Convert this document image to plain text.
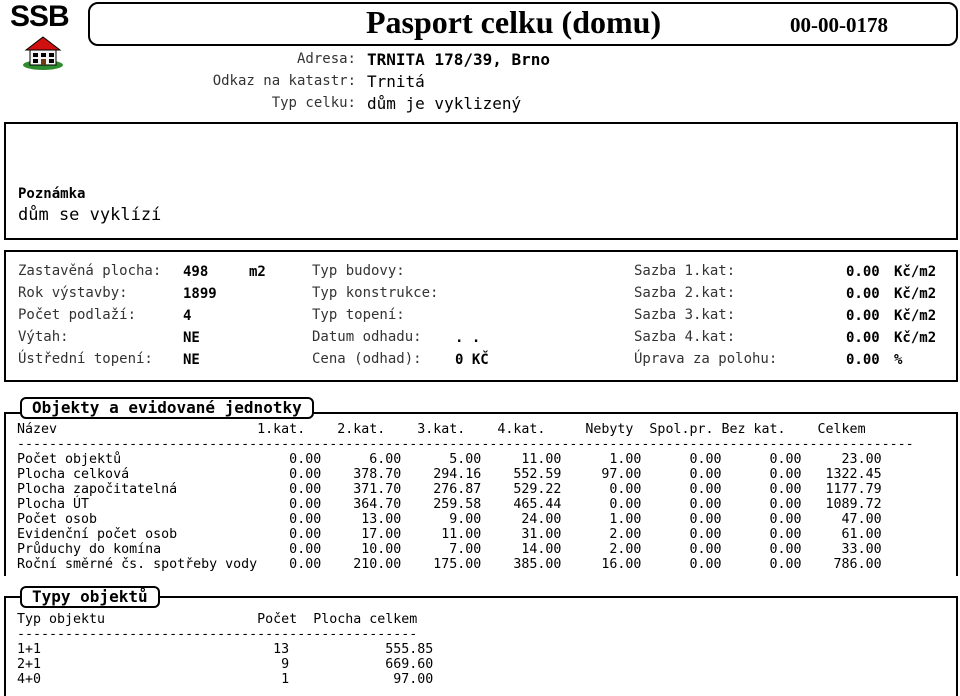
SSB	Pasport celku (domu)	00-00-0178
Adresa: TRNITA 178/39, Brno
Odkaz na katastr: Trnitá
Typ celku: dům je vyklizený
Poznámka
dům se vyklízí
Zastavěná plocha: 498	m2
Rok výstavby:	1899
Počet podlaží:	4
Výtah:	NE
Ústřední topení: NE
Typ budovy:
Typ konstrukce:
Typ topení:
Datum odhadu: . .
Cena (odhad): 0 KČ
Sazba 1.kat:	0.00 Kč/m2
Sazba 2.kat:	0.00 Kč/m2
Sazba 3.kat:	0.00 Kč/m2
Sazba 4.kat:	0.00 Kč/m2
Úprava za polohu:	0.00 %
Objekty a evidované jednotky
Název                         1.kat.    2.kat.    3.kat.    4.kat.     Nebyty  Spol.pr. Bez kat.    Celkem
----------------------------------------------------------------------------------------------------------------
Počet objektů                     0.00      6.00      5.00     11.00      1.00      0.00      0.00     23.00
Plocha celková                    0.00    378.70    294.16    552.59     97.00      0.00      0.00   1322.45
Plocha započitatelná              0.00    371.70    276.87    529.22      0.00      0.00      0.00   1177.79
Plocha ÚT                         0.00    364.70    259.58    465.44      0.00      0.00      0.00   1089.72
Počet osob                        0.00     13.00      9.00     24.00      1.00      0.00      0.00     47.00
Evidenční počet osob              0.00     17.00     11.00     31.00      2.00      0.00      0.00     61.00
Průduchy do komína                0.00     10.00      7.00     14.00      2.00      0.00      0.00     33.00
Roční směrné čs. spotřeby vody    0.00    210.00    175.00    385.00     16.00      0.00      0.00    786.00
Typy objektů
Typ objektu                   Počet  Plocha celkem
--------------------------------------------------
1+1                             13            555.85
2+1                              9            669.60
4+0                              1             97.00
